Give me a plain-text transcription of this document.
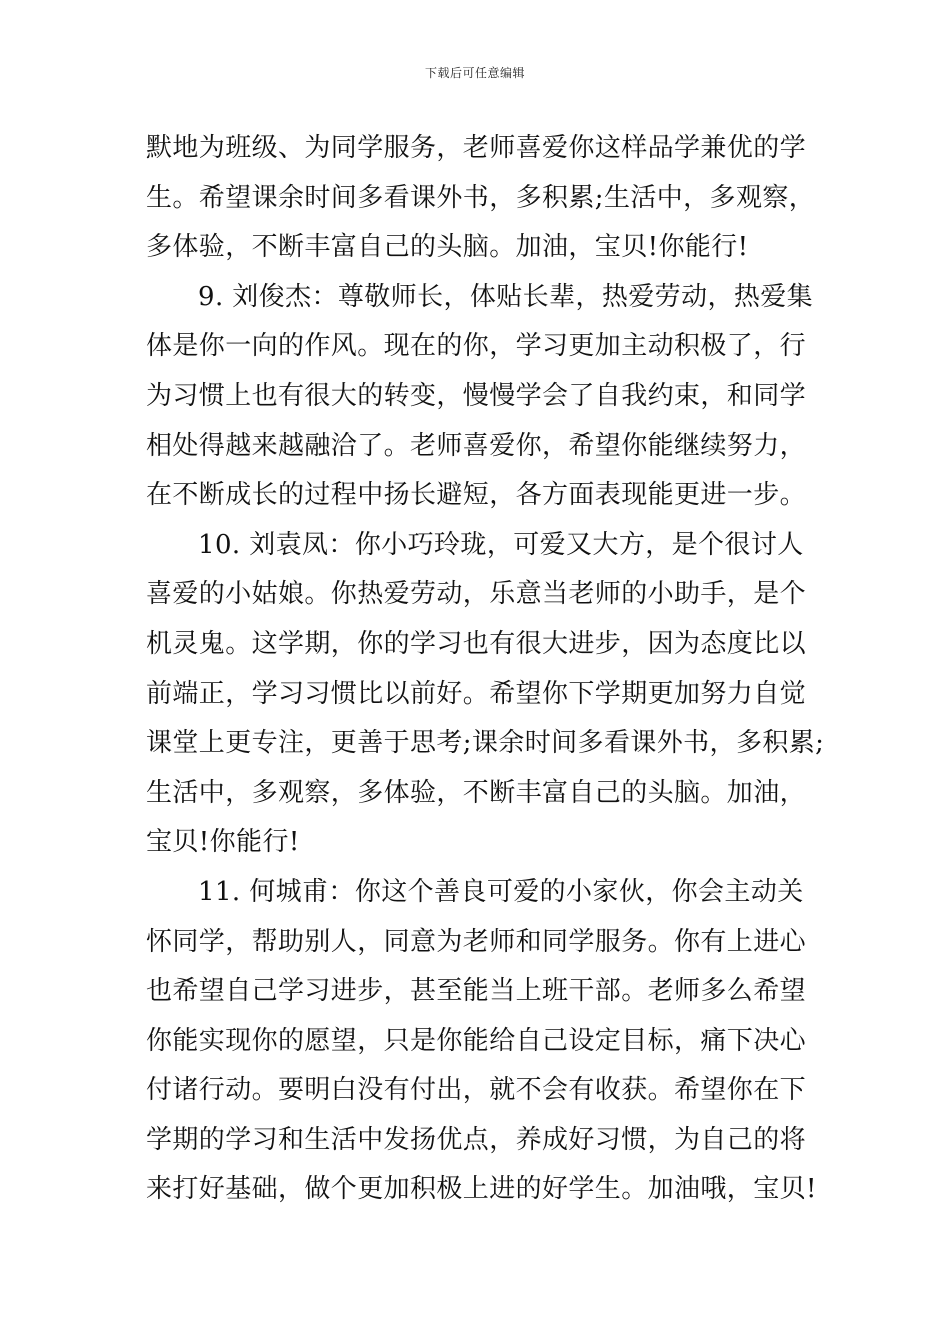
下载后可任意编辑
默地为班级、为同学服务，老师喜爱你这样品学兼优的学
生。希望课余时间多看课外书，多积累;生活中，多观察，
多体验，不断丰富自己的头脑。加油，宝贝!你能行!
9. 刘俊杰：尊敬师长，体贴长辈，热爱劳动，热爱集
体是你一向的作风。现在的你，学习更加主动积极了，行
为习惯上也有很大的转变，慢慢学会了自我约束，和同学
相处得越来越融洽了。老师喜爱你，希望你能继续努力，
在不断成长的过程中扬长避短，各方面表现能更进一步。
10. 刘袁凤：你小巧玲珑，可爱又大方，是个很讨人
喜爱的小姑娘。你热爱劳动，乐意当老师的小助手，是个
机灵鬼。这学期，你的学习也有很大进步，因为态度比以
前端正，学习习惯比以前好。希望你下学期更加努力自觉
课堂上更专注，更善于思考;课余时间多看课外书，多积累;
生活中，多观察，多体验，不断丰富自己的头脑。加油，
宝贝!你能行!
11. 何城甫：你这个善良可爱的小家伙，你会主动关
怀同学，帮助别人，同意为老师和同学服务。你有上进心
也希望自己学习进步，甚至能当上班干部。老师多么希望
你能实现你的愿望，只是你能给自己设定目标，痛下决心
付诸行动。要明白没有付出，就不会有收获。希望你在下
学期的学习和生活中发扬优点，养成好习惯，为自己的将
来打好基础，做个更加积极上进的好学生。加油哦，宝贝!
